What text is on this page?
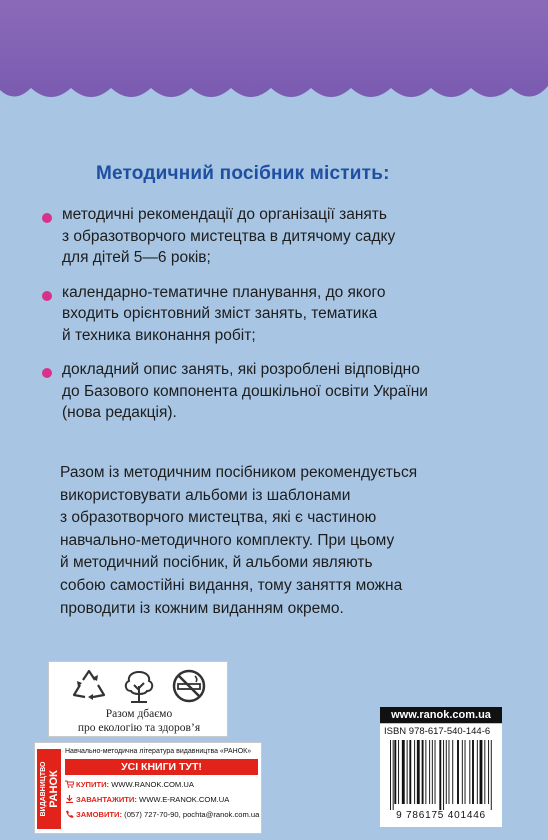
Методичний посібник містить:
методичні рекомендації до організації занять
з образотворчого мистецтва в дитячому садку
для дітей 5—6 років;
календарно-тематичне планування, до якого
входить орієнтовний зміст занять, тематика
й техника виконання робіт;
докладний опис занять, які розроблені відповідно
до Базового компонента дошкільної освіти України
(нова редакція).
Разом із методичним посібником рекомендується
використовувати альбоми із шаблонами
з образотворчого мистецтва, які є частиною
навчально-методичного комплекту. При цьому
й методичний посібник, й альбоми являють
собою самостійні видання, тому заняття можна
проводити із кожним виданням окремо.
Разом дбаємо
про екологію та здоров’я
www.ranok.com.ua
ISBN 978-617-540-144-6
9 786175 401446
ВИДАВНИЦТВО РАНОК
Навчально-методична література видавництва «РАНОК»
УСІ КНИГИ ТУТ!
КУПИТИ: WWW.RANOK.COM.UA
ЗАВАНТАЖИТИ: WWW.E-RANOK.COM.UA
ЗАМОВИТИ: (057) 727-70-90, pochta@ranok.com.ua
